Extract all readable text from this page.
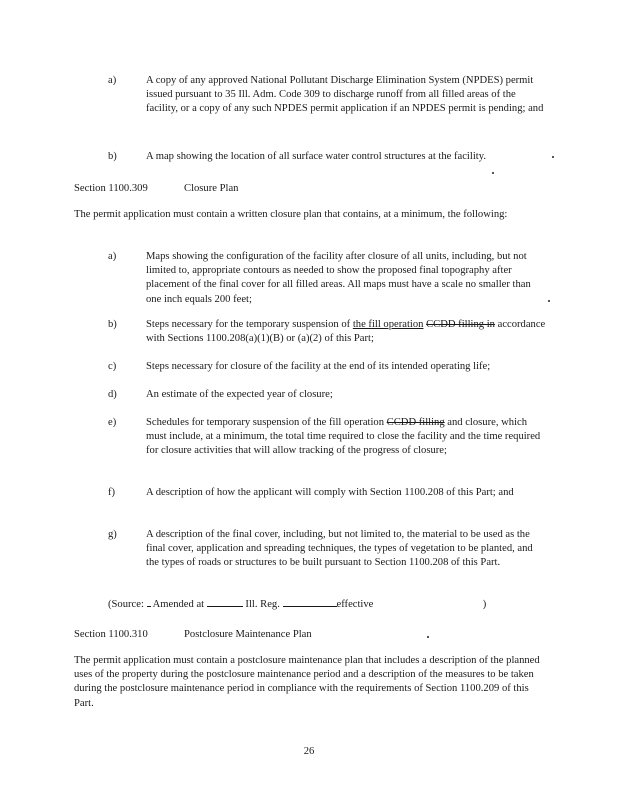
a)	A copy of any approved National Pollutant Discharge Elimination System (NPDES) permit issued pursuant to 35 Ill. Adm. Code 309 to discharge runoff from all filled areas of the facility, or a copy of any such NPDES permit application if an NPDES permit is pending; and
b)	A map showing the location of all surface water control structures at the facility.
Section 1100.309	Closure Plan
The permit application must contain a written closure plan that contains, at a minimum, the following:
a)	Maps showing the configuration of the facility after closure of all units, including, but not limited to, appropriate contours as needed to show the proposed final topography after placement of the final cover for all filled areas. All maps must have a scale no smaller than one inch equals 200 feet;
b)	Steps necessary for the temporary suspension of the fill operation CCDD filling in accordance with Sections 1100.208(a)(1)(B) or (a)(2) of this Part;
c)	Steps necessary for closure of the facility at the end of its intended operating life;
d)	An estimate of the expected year of closure;
e)	Schedules for temporary suspension of the fill operation CCDD filling and closure, which must include, at a minimum, the total time required to close the facility and the time required for closure activities that will allow tracking of the progress of closure;
f)	A description of how the applicant will comply with Section 1100.208 of this Part; and
g)	A description of the final cover, including, but not limited to, the material to be used as the final cover, application and spreading techniques, the types of vegetation to be planted, and the types of roads or structures to be built pursuant to Section 1100.208 of this Part.
(Source: Amended at	Ill. Reg.	effective	)
Section 1100.310	Postclosure Maintenance Plan
The permit application must contain a postclosure maintenance plan that includes a description of the planned uses of the property during the postclosure maintenance period and a description of the measures to be taken during the postclosure maintenance period in compliance with the requirements of Section 1100.209 of this Part.
26
